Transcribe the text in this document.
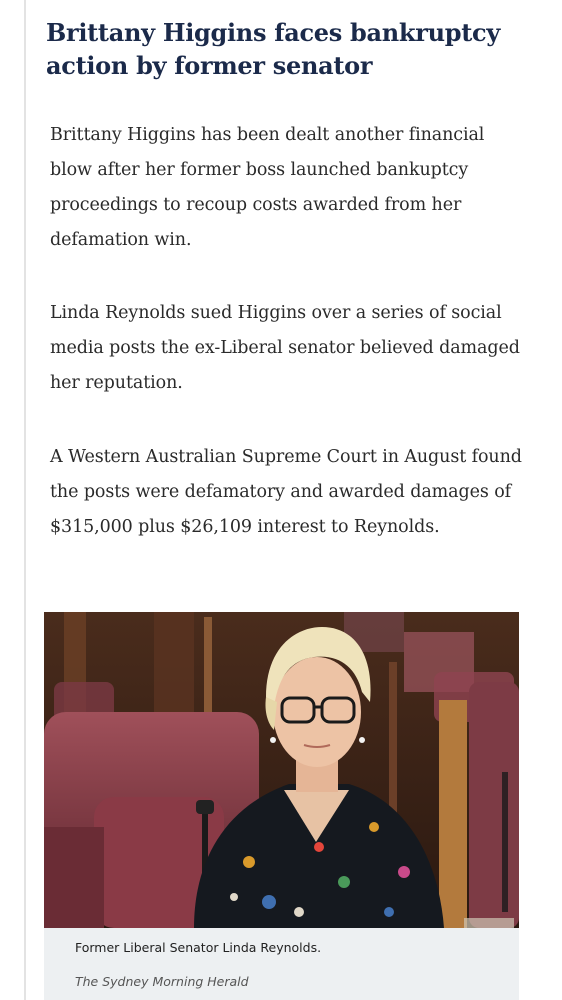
Brittany Higgins faces bankruptcy action by former senator

Brittany Higgins has been dealt another financial blow after her former boss launched bankuptcy proceedings to recoup costs awarded from her defamation win.

Linda Reynolds sued Higgins over a series of social media posts the ex-Liberal senator believed damaged her reputation.

A Western Australian Supreme Court in August found the posts were defamatory and awarded damages of $315,000 plus $26,109 interest to Reynolds.

Former Liberal Senator Linda Reynolds.

The Sydney Morning Herald
